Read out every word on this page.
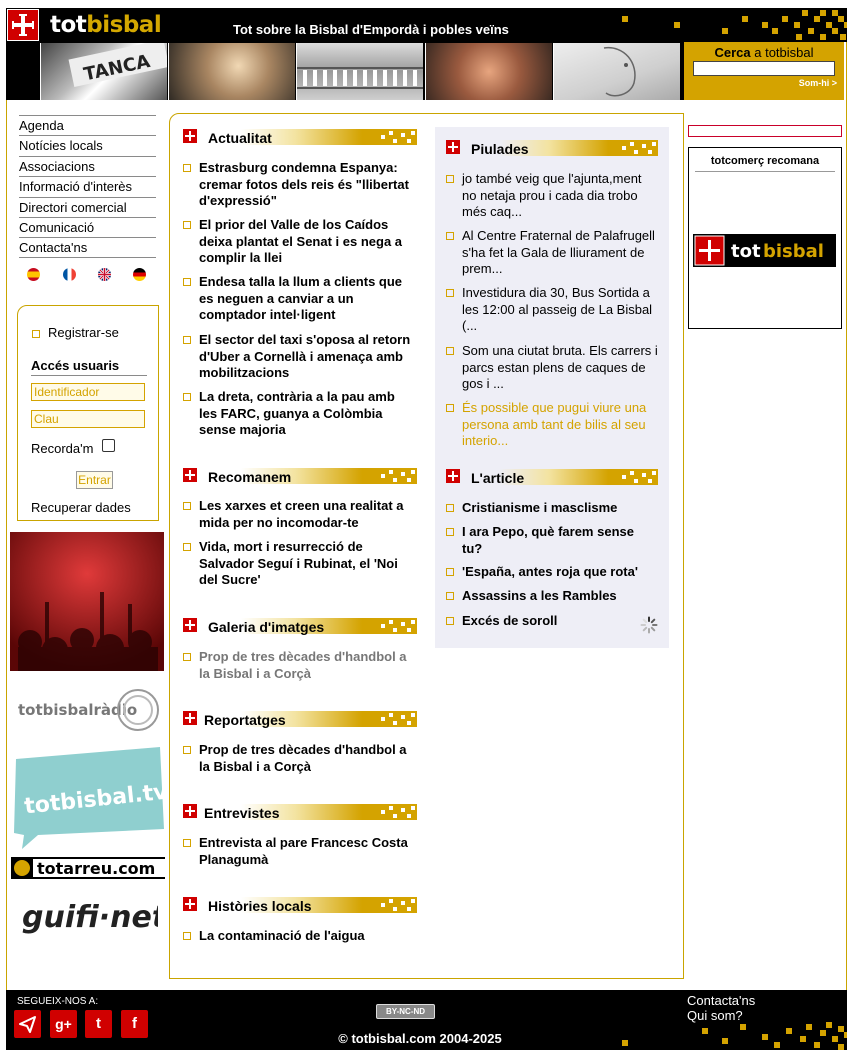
totbisbal	Tot sobre la Bisbal d'Empordà i pobles veïns
TANCA	Cerca a totbisbal
Som-hi >
Agenda
Notícies locals
Associacions
Informació d'interès
Directori comercial
Comunicació
Contacta'ns
Registrar-se
Accés usuaris
Identificador
Clau
Recorda'm
Entrar
Recuperar dades
totbisbalràdio
totbisbal.tv
totarreu.com
guifi·net
Actualitat
Estrasburg condemna Espanya: cremar fotos dels reis és "llibertat d'expressió"
El prior del Valle de los Caídos deixa plantat el Senat i es nega a complir la llei
Endesa talla la llum a clients que es neguen a canviar a un comptador intel·ligent
El sector del taxi s'oposa al retorn d'Uber a Cornellà i amenaça amb mobilitzacions
La dreta, contrària a la pau amb les FARC, guanya a Colòmbia sense majoria
Recomanem
Les xarxes et creen una realitat a mida per no incomodar-te
Vida, mort i resurrecció de Salvador Seguí i Rubinat, el 'Noi del Sucre'
Galeria d'imatges
Prop de tres dècades d'handbol a la Bisbal i a Corçà
Reportatges
Prop de tres dècades d'handbol a la Bisbal i a Corçà
Entrevistes
Entrevista al pare Francesc Costa Planagumà
Històries locals
La contaminació de l'aigua
Piulades
jo també veig que l'ajunta,ment no netaja prou i cada dia trobo més caq...
Al Centre Fraternal de Palafrugell s'ha fet la Gala de lliurament de prem...
Investidura dia 30, Bus Sortida a les 12:00 al passeig de La Bisbal (...
Som una ciutat bruta. Els carrers i parcs estan plens de caques de gos i ...
És possible que pugui viure una persona amb tant de bilis al seu interio...
L'article
Cristianisme i masclisme
I ara Pepo, què farem sense tu?
'España, antes roja que rota'
Assassins a les Rambles
Excés de soroll
totcomerç recomana
tot bisbal
SEGUEIX-NOS A:
g+	t	f
BY-NC-ND
© totbisbal.com 2004-2025
Contacta'ns
Qui som?
